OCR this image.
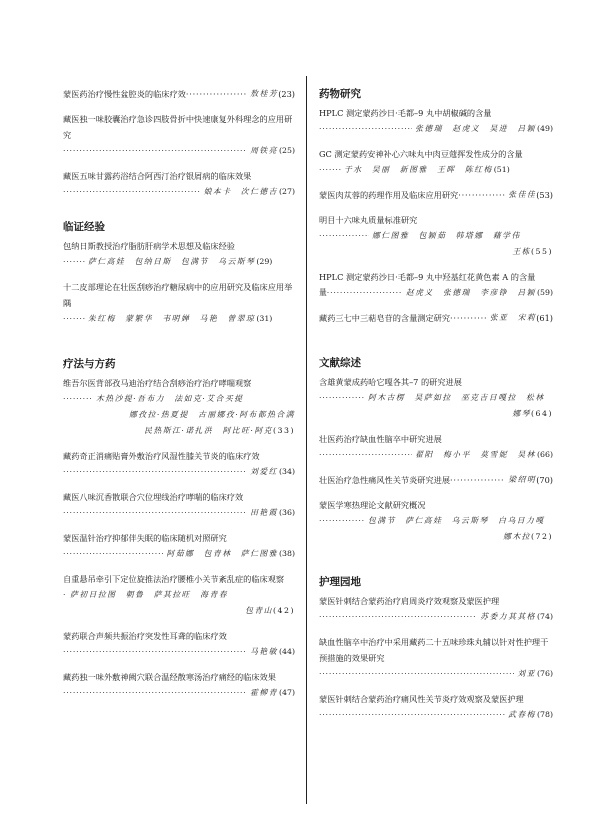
蒙医药治疗慢性盆腔炎的临床疗效 ·····	敖桂芳 (23)
藏医独一味胶囊治疗急诊四肢骨折中快速康复外科理念的应用研究
·····
周铁亮 (25)
藏医五味甘露药浴结合阿西汀治疗银屑病的临床效果
·····
娘本卡　次仁德吉 (27)
临证经验
包纳日斯教授治疗脂肪肝病学术思想及临床经验
·····
萨仁高娃　包纳日斯　包满节　乌云斯琴 (29)
十二皮部理论在壮医刮痧治疗糖尿病中的应用研究及临床应用举隅
·····
朱红梅　蒙繁华　韦明婵　马艳　曾翠琼 (31)
疗法与方药
维吾尔医背部孜马迪治疗结合刮痧治疗治疗哮喘观察
·····
木热沙提·吾布力　法如克·艾合买提
娜孜拉·热夏提　古丽娜孜·阿布都热合满
民热斯江·诺扎洪　阿比旺·阿克(33)
藏药奇正消痛贴膏外敷治疗风湿性膝关节炎的临床疗效
·····
刘爱红 (34)
藏医八味沉香散联合穴位埋线治疗哮喘的临床疗效
·····
田艳霞 (36)
蒙医温针治疗抑郁伴失眠的临床随机对照研究
·····
阿茹娜　包青林　萨仁图雅 (38)
自重悬吊牵引下定位旋推法治疗腰椎小关节紊乱症的临床观察
·····
萨初日拉图　朝鲁　萨其拉旺　海青春
包青山(42)
蒙药联合声频共振治疗突发性耳聋的临床疗效
·····
马艳敏 (44)
藏药独一味外敷神阙穴联合温经散寒汤治疗痛经的临床效果
·····
霍柳青 (47)
药物研究
HPLC 测定蒙药沙日·毛都–9 丸中胡椒碱的含量
·····
张德瑞　赵虎义　吴进　吕颖 (49)
GC 测定蒙药安神补心六味丸中肉豆蔻挥发性成分的含量
·····
于水　吴丽　新图雅　王晖　陈红梅 (51)
蒙医肉苁蓉的药理作用及临床应用研究 ·····	张佳佳 (53)
明目十六味丸质量标准研究
·····
娜仁图雅　包颖茹　韩塔娜　藉学伟
王栋(55)
HPLC 测定蒙药沙日·毛都–9 丸中羟基红花黄色素 A 的含量
量 ·····	赵虎义　张德瑞　李彦铮　吕颖 (59)
藏药三七中三萜皂苷的含量测定研究 ·····	张亚　宋莉 (61)
文献综述
含雄黄蒙成药哈它嘎各其–7 的研究进展
·····
阿木古楞　吴萨如拉　巫克吉日嘎拉　松林
娜琴(64)
壮医药治疗缺血性脑卒中研究进展
·····
翟阳　梅小平　莫雪妮　吴林 (66)
壮医治疗急性痛风性关节炎研究进展 ·····	梁绍明 (70)
蒙医学寒热理论文献研究概况
·····
包满节　萨仁高娃　乌云斯琴　白乌日力嘎
娜木拉(72)
护理园地
蒙医针刺结合蒙药治疗肩周炎疗效观察及蒙医护理
·····
苏委力其其格 (74)
缺血性脑卒中治疗中采用藏药二十五味珍珠丸辅以针对性护理干预措施的效果研究
·····
刘亚 (76)
蒙医针刺结合蒙药治疗痛风性关节炎疗效观察及蒙医护理
·····
武春梅 (78)
